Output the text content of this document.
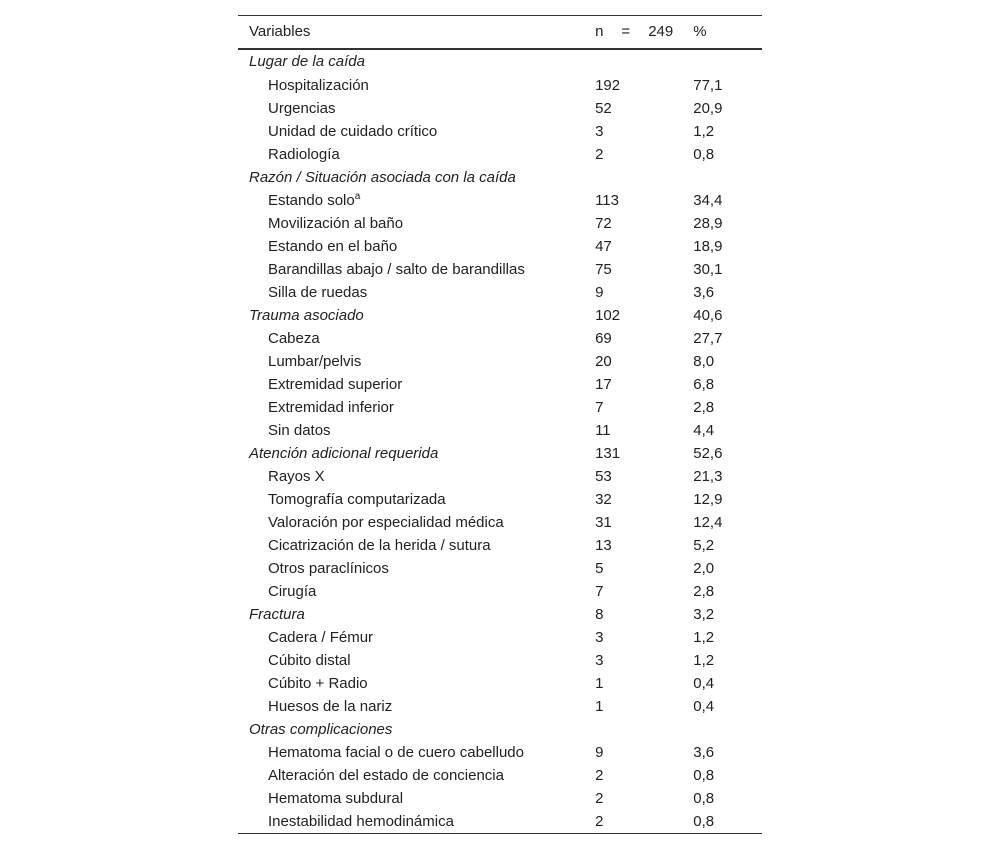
Variables	n = 249	%
Lugar de la caída		
Hospitalización	192	77,1
Urgencias	52	20,9
Unidad de cuidado crítico	3	1,2
Radiología	2	0,8
Razón / Situación asociada con la caída		
Estando solo$^a$	113	34,4
Movilización al baño	72	28,9
Estando en el baño	47	18,9
Barandillas abajo / salto de barandillas	75	30,1
Silla de ruedas	9	3,6
Trauma asociado	102	40,6
Cabeza	69	27,7
Lumbar/pelvis	20	8,0
Extremidad superior	17	6,8
Extremidad inferior	7	2,8
Sin datos	11	4,4
Atención adicional requerida	131	52,6
Rayos X	53	21,3
Tomografía computarizada	32	12,9
Valoración por especialidad médica	31	12,4
Cicatrización de la herida / sutura	13	5,2
Otros paraclínicos	5	2,0
Cirugía	7	2,8
Fractura	8	3,2
Cadera / Fémur	3	1,2
Cúbito distal	3	1,2
Cúbito + Radio	1	0,4
Huesos de la nariz	1	0,4
Otras complicaciones		
Hematoma facial o de cuero cabelludo	9	3,6
Alteración del estado de conciencia	2	0,8
Hematoma subdural	2	0,8
Inestabilidad hemodinámica	2	0,8
